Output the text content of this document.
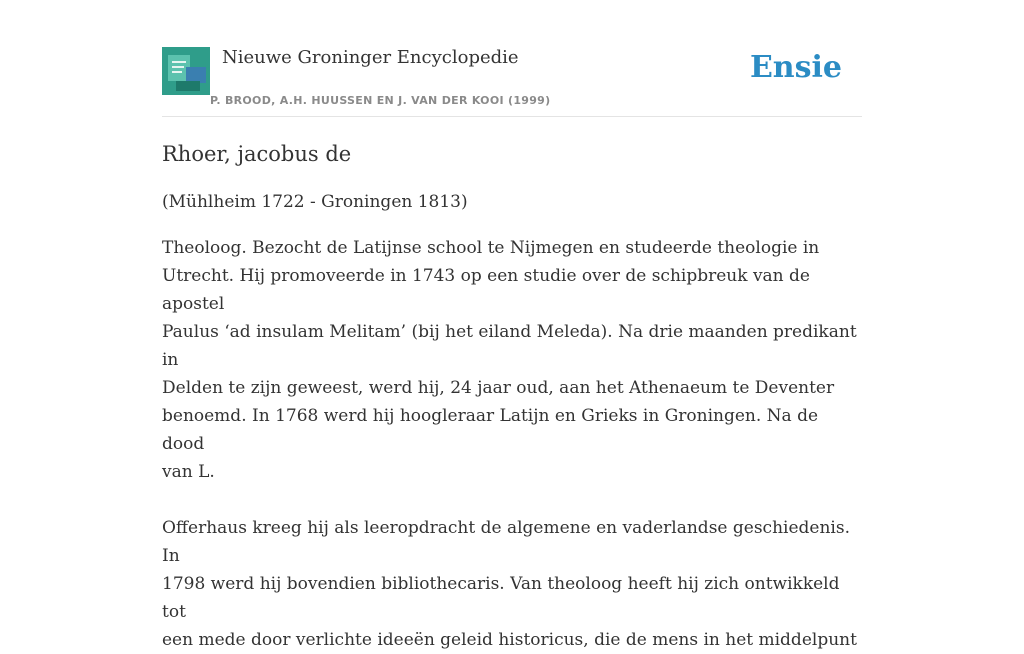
Nieuwe Groninger Encyclopedie
P. BROOD, A.H. HUUSSEN EN J. VAN DER KOOI (1999)
Ensie
Rhoer, jacobus de

(Mühlheim 1722 - Groningen 1813)

Theoloog. Bezocht de Latijnse school te Nijmegen en studeerde theologie in
Utrecht. Hij promoveerde in 1743 op een studie over de schipbreuk van de apostel
Paulus ‘ad insulam Melitam’ (bij het eiland Meleda). Na drie maanden predikant in
Delden te zijn geweest, werd hij, 24 jaar oud, aan het Athenaeum te Deventer
benoemd. In 1768 werd hij hoogleraar Latijn en Grieks in Groningen. Na de dood
van L.

Offerhaus kreeg hij als leeropdracht de algemene en vaderlandse geschiedenis. In
1798 werd hij bovendien bibliothecaris. Van theoloog heeft hij zich ontwikkeld tot
een mede door verlichte ideeën geleid historicus, die de mens in het middelpunt
